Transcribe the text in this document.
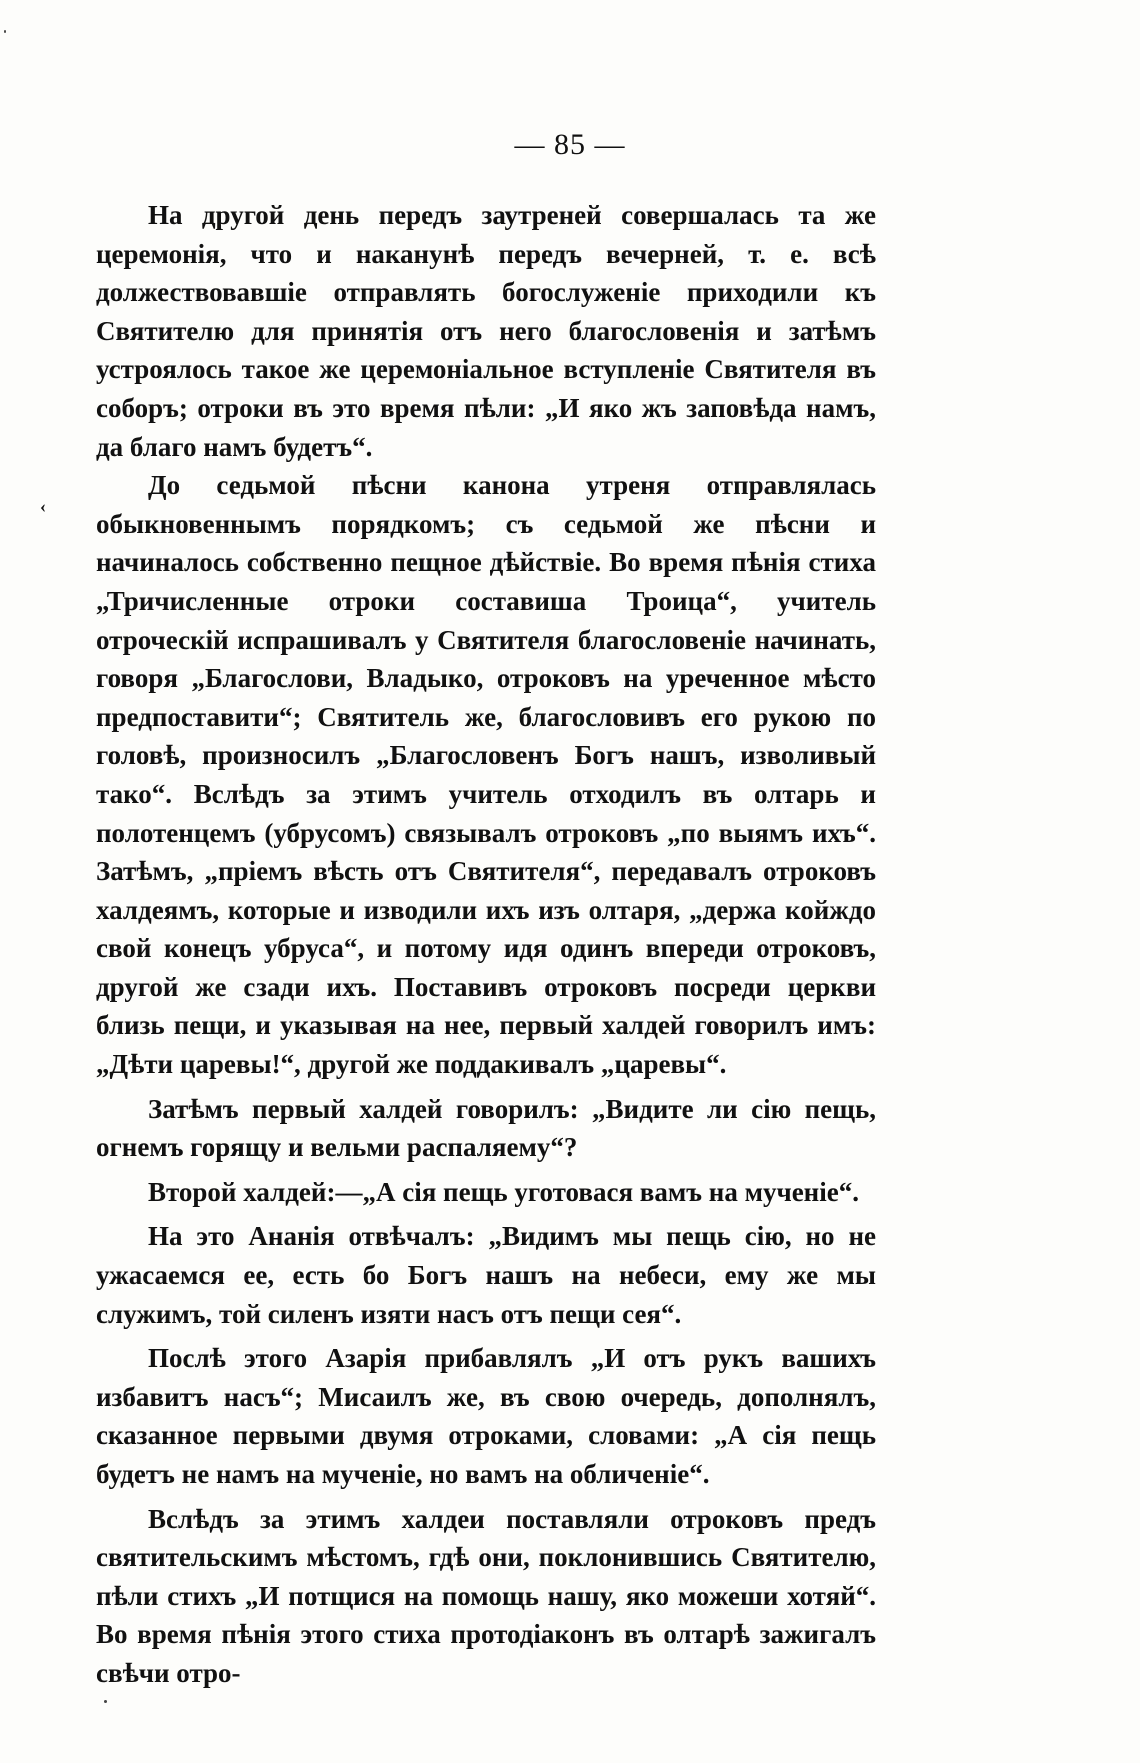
— 85 —
‹

На другой день передъ заутреней совершалась та же церемонія, что и наканунѣ передъ вечерней, т. е. всѣ должествовавшіе отправлять богослуженіе приходили къ Святителю для принятія отъ него благословенія и затѣмъ устроялось такое же церемоніальное вступленіе Святителя въ соборъ; отроки въ это время пѣли: „И яко жъ заповѣда намъ, да благо намъ будетъ“.

До седьмой пѣсни канона утреня отправлялась обыкновеннымъ порядкомъ; съ седьмой же пѣсни и начиналось собственно пещное дѣйствіе. Во время пѣнія стиха „Тричисленные отроки составиша Троица“, учитель отроческій испрашивалъ у Святителя благословеніе начинать, говоря „Благослови, Владыко, отроковъ на уреченное мѣсто предпоставити“; Святитель же, благословивъ его рукою по головѣ, произносилъ „Благословенъ Богъ нашъ, изволивый тако“. Вслѣдъ за этимъ учитель отходилъ въ олтарь и полотенцемъ (убрусомъ) связывалъ отроковъ „по выямъ ихъ“. Затѣмъ, „пріемъ вѣсть отъ Святителя“, передавалъ отроковъ халдеямъ, которые и изводили ихъ изъ олтаря, „держа койждо свой конецъ убруса“, и потому идя одинъ впереди отроковъ, другой же сзади ихъ. Поставивъ отроковъ посреди церкви близь пещи, и указывая на нее, первый халдей говорилъ имъ: „Дѣти царевы!“, другой же поддакивалъ „царевы“.

Затѣмъ первый халдей говорилъ: „Видите ли сію пещь, огнемъ горящу и вельми распаляему“?

Второй халдей:—„А сія пещь уготовася вамъ на мученіе“.

На это Ананія отвѣчалъ: „Видимъ мы пещь сію, но не ужасаемся ее, есть бо Богъ нашъ на небеси, ему же мы служимъ, той силенъ изяти насъ отъ пещи сея“.

Послѣ этого Азарія прибавлялъ „И отъ рукъ вашихъ избавитъ насъ“; Мисаилъ же, въ свою очередь, дополнялъ, сказанное первыми двумя отроками, словами: „А сія пещь будетъ не намъ на мученіе, но вамъ на обличеніе“.

Вслѣдъ за этимъ халдеи поставляли отроковъ предъ святительскимъ мѣстомъ, гдѣ они, поклонившись Святителю, пѣли стихъ „И потщися на помощь нашу, яко можеши хотяй“. Во время пѣнія этого стиха протодіаконъ въ олтарѣ зажигалъ свѣчи отро-
